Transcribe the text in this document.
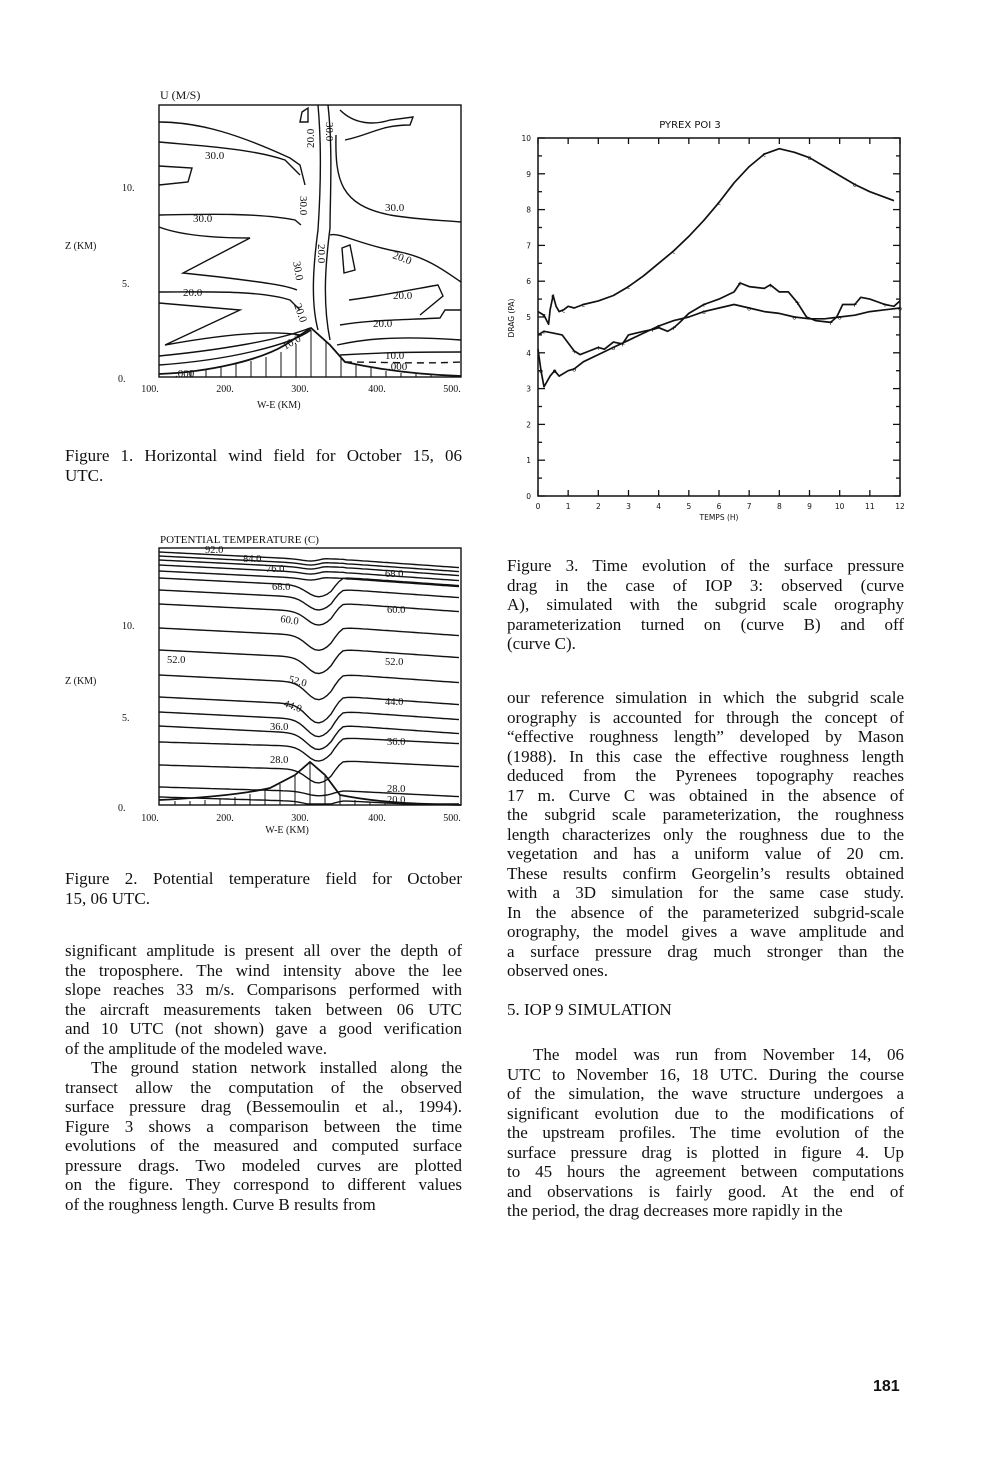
U (M/S)
Z (KM)
W-E (KM)
0.
5.
10.
100.	200.	300.	400.	500.
30.0
20.0 30.0
30.0
30.0	30.0
20.0	20.0
30.0
20.0	20.0
20.0	20.0
10.0
10.0
.000
.000
POTENTIAL TEMPERATURE (C)
Z (KM)
W-E (KM)
0.
5.
10.
100.	200.	300.	400.	500.
92.0
84.0
76.0
68.0
60.0
52.0
52.0
44.0
36.0
28.0
68.0
60.0
52.0
44.0
36.0
28.0
20.0
PYREX POI 3
DRAG (PA)
TEMPS (H)
0	1	2	3	4	5	6	7	8	9	10	11	12
0
1
2
3
4
5
6
7
8
9
10
+
+	+	+
+ +
+
+	+
+
+
+	+
o o o
o
o
o	o
o	o
o
c
c
c
c
c
c
c
c	c
c
Figure 1. Horizontal wind field for October 15, 06
UTC.
Figure 2. Potential temperature field for October
15, 06 UTC.
Figure 3. Time evolution of the surface pressure
drag in the case of IOP 3: observed (curve
A), simulated with the subgrid scale orography
parameterization turned on (curve B) and off
(curve C).
significant amplitude is present all over the depth of
the troposphere. The wind intensity above the lee
slope reaches 33 m/s. Comparisons performed with
the aircraft measurements taken between 06 UTC
and 10 UTC (not shown) gave a good verification
of the amplitude of the modeled wave.
The ground station network installed along the
transect allow the computation of the observed
surface pressure drag (Bessemoulin et al., 1994).
Figure 3 shows a comparison between the time
evolutions of the measured and computed surface
pressure drags. Two modeled curves are plotted
on the figure. They correspond to different values
of the roughness length. Curve B results from
our reference simulation in which the subgrid scale
orography is accounted for through the concept of
“effective roughness length” developed by Mason
(1988). In this case the effective roughness length
deduced from the Pyrenees topography reaches
17 m. Curve C was obtained in the absence of
the subgrid scale parameterization, the roughness
length characterizes only the roughness due to the
vegetation and has a uniform value of 20 cm.
These results confirm Georgelin’s results obtained
with a 3D simulation for the same case study.
In the absence of the parameterized subgrid-scale
orography, the model gives a wave amplitude and
a surface pressure drag much stronger than the
observed ones.
5. IOP 9 SIMULATION
The model was run from November 14, 06
UTC to November 16, 18 UTC. During the course
of the simulation, the wave structure undergoes a
significant evolution due to the modifications of
the upstream profiles. The time evolution of the
surface pressure drag is plotted in figure 4. Up
to 45 hours the agreement between computations
and observations is fairly good. At the end of
the period, the drag decreases more rapidly in the
181
